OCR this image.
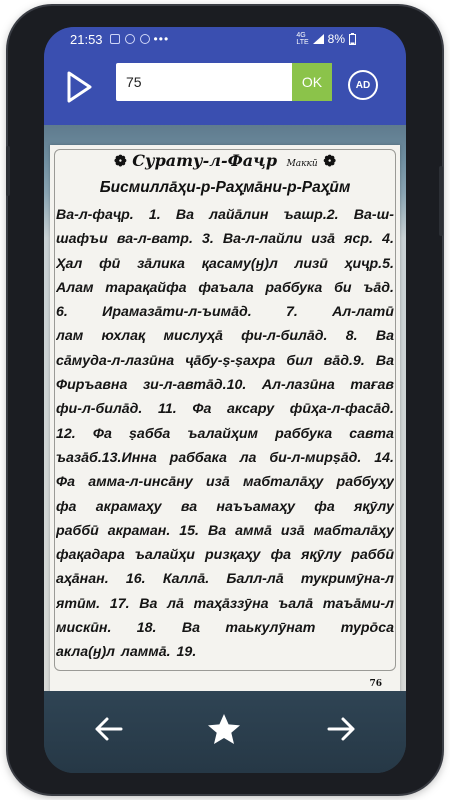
21:53	•••	4G
LTE 8%
75
OK	AD
❁ Сурату-л-Фаҷр Маккӣ ❁
Бисмиллāҳи-р-Раҳ̣мāни-р-Раҳ̣ӣм
Ва-л-фаҷр. 1. Ва лайāлин ъашр.2. Ва-ш-
шафъи ва-л-ватр. 3. Ва-л-лайли изā яср. 4.
Ҳал фӣ зāлика қасаму(ӈ)л лизӣ ҳиҷр.5.
Алам тарақайфа фаъала раббука би ъāд.
6. Ирамазāти-л-ъимāд. 7. Ал-латӣ
лам юхлақ мислуҳā фи-л-билāд. 8. Ва
са̄муда-л-лазӣна ҷāбу-ṣ-ṣахра бил вāд.9. Ва
Фиръавна зи-л-автāд.10. Ал-лазӣна тағав
фи-л-билāд. 11. Фа аксару фӣҳа-л-фасāд.
12. Фа ṣабба ъалайҳим раббука савта
ъазāб.13.Инна раббака ла би-л-мирṣāд. 14.
Фа амма-л-инсāну изā мабталāҳу раббуҳу
фа акрамаҳу ва наъъамаҳу фа яқӯлу
раббӣ акраман. 15. Ва аммā изā мабталāҳу
фақадара ъалайҳи ризқаҳу фа яқӯлу раббӣ
аҳāнан. 16. Каллā. Балл-лā тукримӯна-л
ятӣм. 17. Ва лā таҳāззӯна ъалā таъāми-л
мискӣн. 18. Ва таькулӯнат турōса
акла(ӈ)л ламмā. 19.
76
